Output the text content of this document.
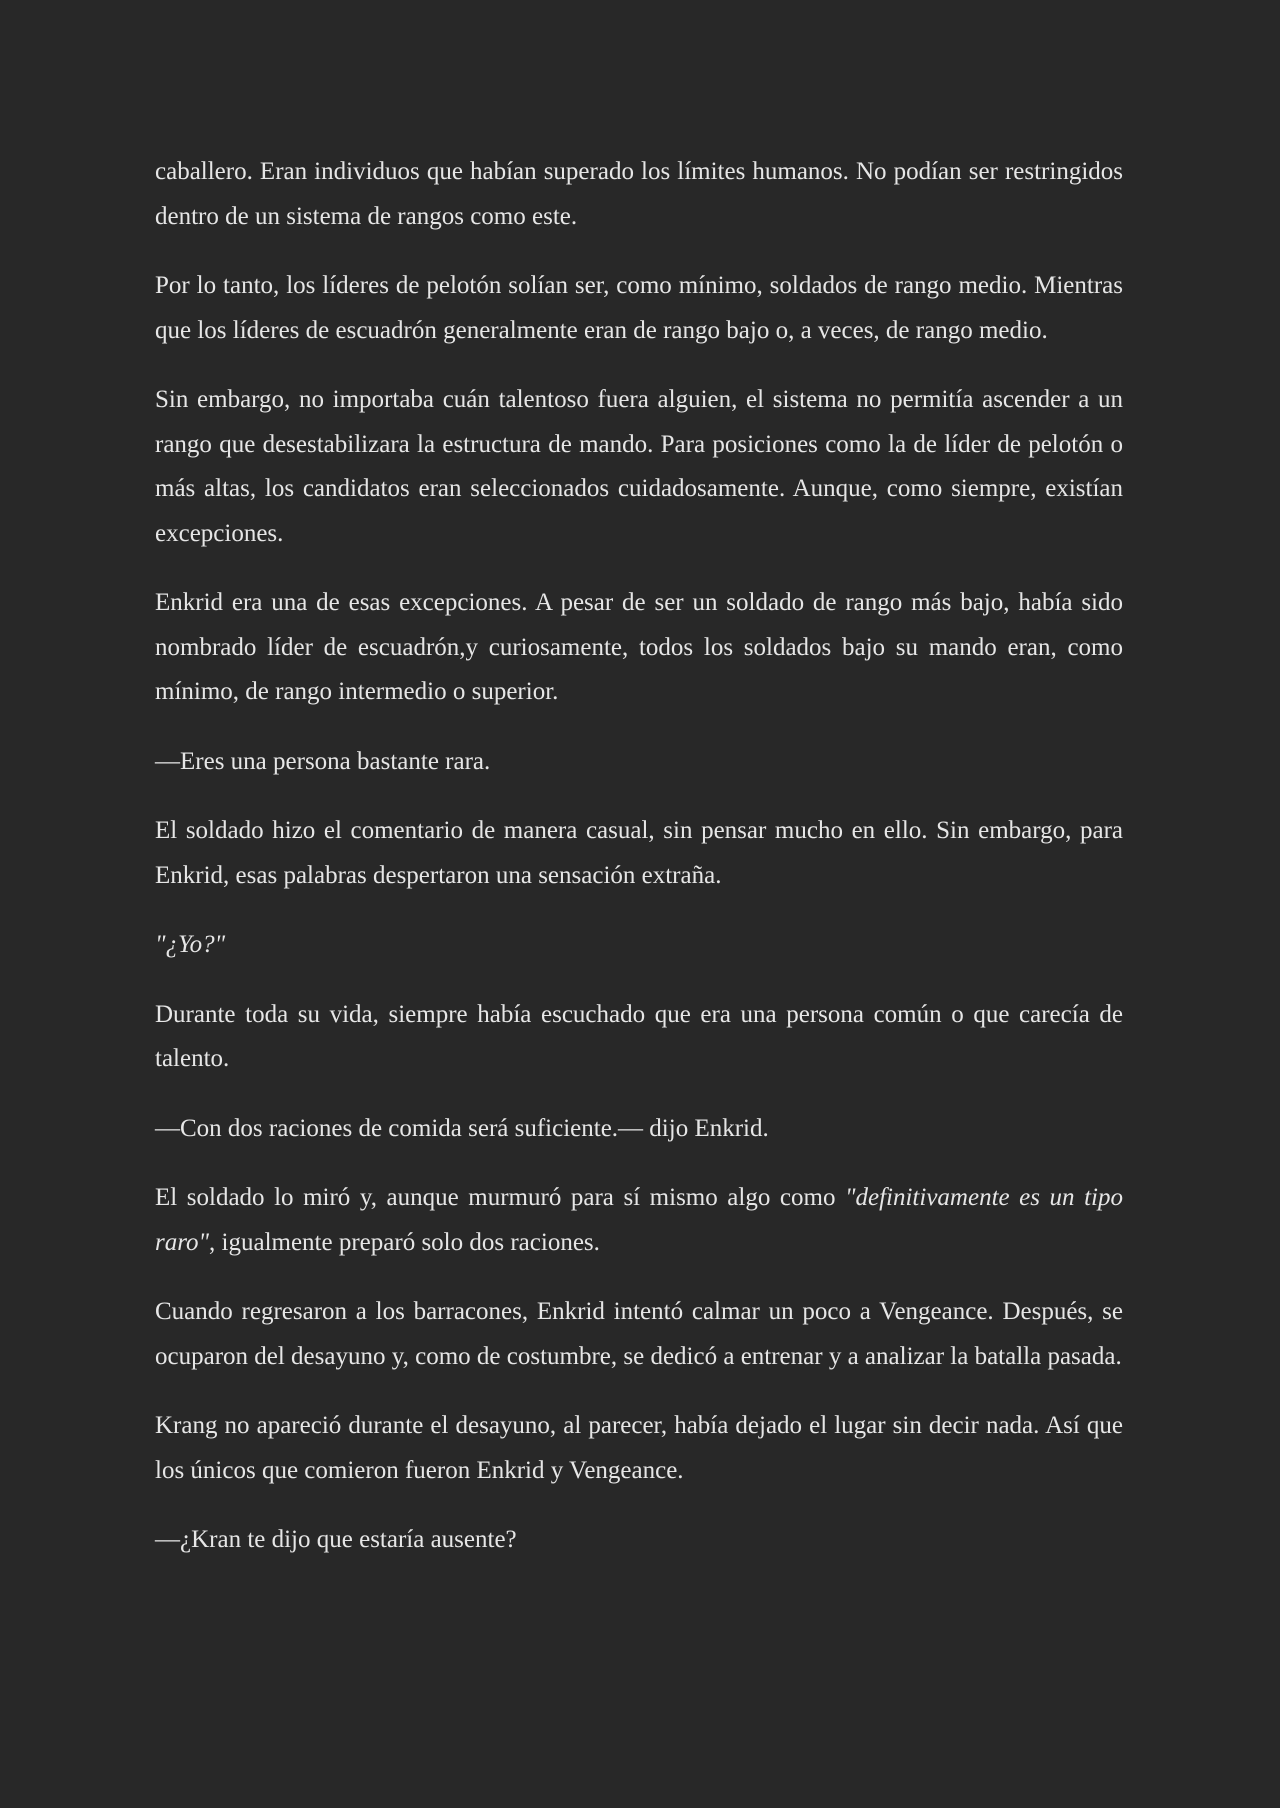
caballero. Eran individuos que habían superado los límites humanos. No podían ser restringidos dentro de un sistema de rangos como este.

Por lo tanto, los líderes de pelotón solían ser, como mínimo, soldados de rango medio. Mientras que los líderes de escuadrón generalmente eran de rango bajo o, a veces, de rango medio.

Sin embargo, no importaba cuán talentoso fuera alguien, el sistema no permitía ascender a un rango que desestabilizara la estructura de mando. Para posiciones como la de líder de pelotón o más altas, los candidatos eran seleccionados cuidadosamente. Aunque, como siempre, existían excepciones.

Enkrid era una de esas excepciones. A pesar de ser un soldado de rango más bajo, había sido nombrado líder de escuadrón,y curiosamente, todos los soldados bajo su mando eran, como mínimo, de rango intermedio o superior.

—Eres una persona bastante rara.

El soldado hizo el comentario de manera casual, sin pensar mucho en ello. Sin embargo, para Enkrid, esas palabras despertaron una sensación extraña.

"¿Yo?"

Durante toda su vida, siempre había escuchado que era una persona común o que carecía de talento.

—Con dos raciones de comida será suficiente.— dijo Enkrid.

El soldado lo miró y, aunque murmuró para sí mismo algo como "definitivamente es un tipo raro", igualmente preparó solo dos raciones.

Cuando regresaron a los barracones, Enkrid intentó calmar un poco a Vengeance. Después, se ocuparon del desayuno y, como de costumbre, se dedicó a entrenar y a analizar la batalla pasada.

Krang no apareció durante el desayuno, al parecer, había dejado el lugar sin decir nada. Así que los únicos que comieron fueron Enkrid y Vengeance.

—¿Kran te dijo que estaría ausente?
